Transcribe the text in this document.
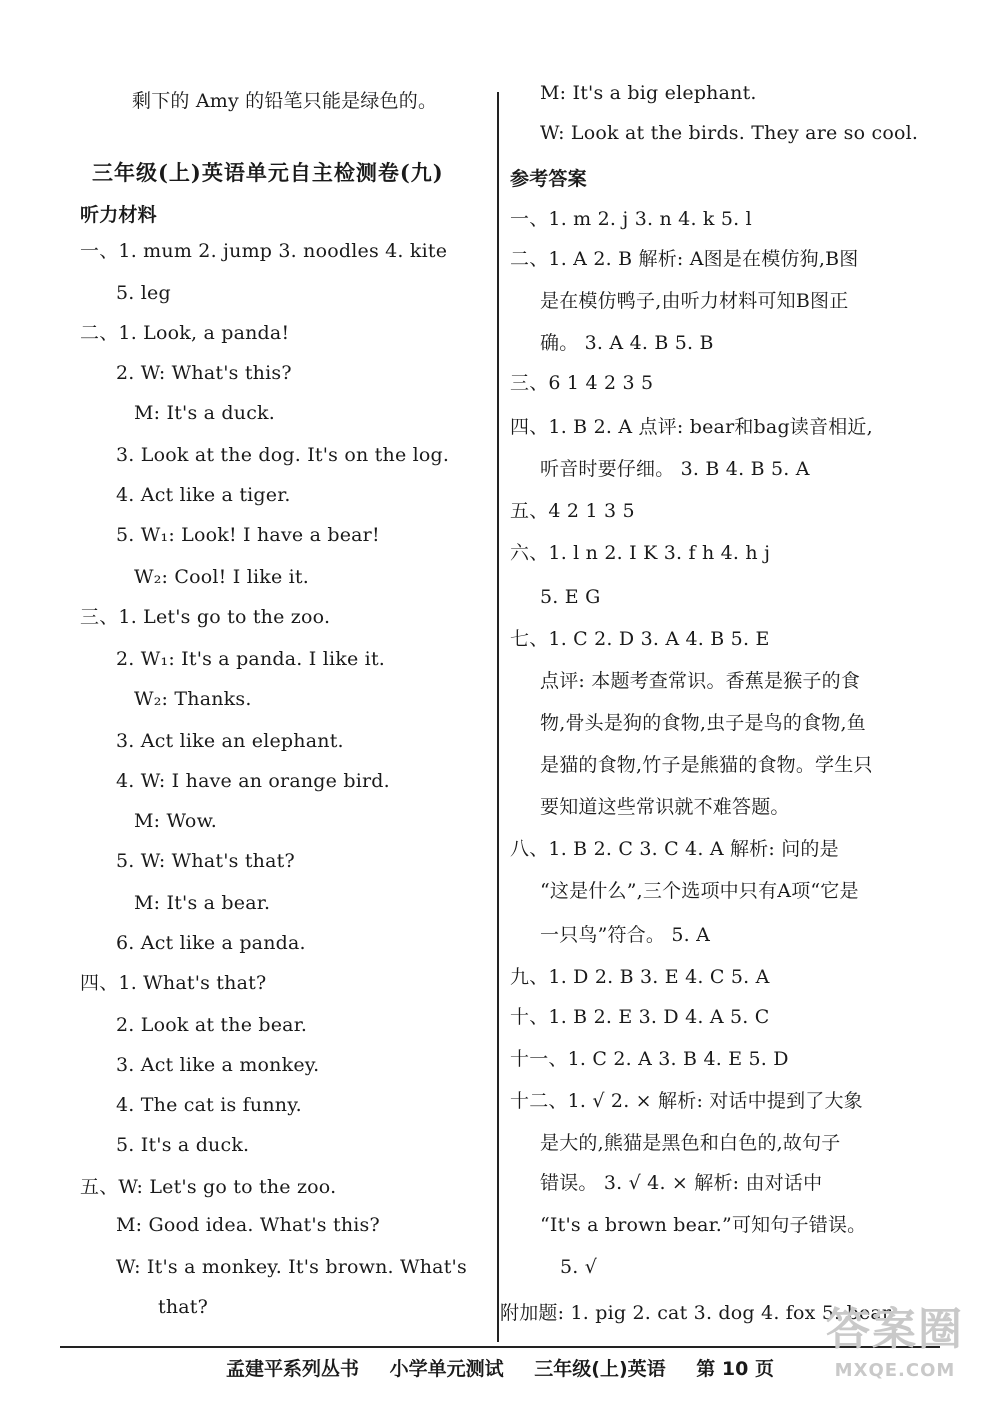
剩下的 Amy 的铅笔只能是绿色的。
三年级(上)英语单元自主检测卷(九)
听力材料
一、1. mum 2. jump 3. noodles 4. kite
5. leg
二、1. Look, a panda!
2. W: What's this?
M: It's a duck.
3. Look at the dog. It's on the log.
4. Act like a tiger.
5. W₁: Look! I have a bear!
W₂: Cool! I like it.
三、1. Let's go to the zoo.
2. W₁: It's a panda. I like it.
W₂: Thanks.
3. Act like an elephant.
4. W: I have an orange bird.
M: Wow.
5. W: What's that?
M: It's a bear.
6. Act like a panda.
四、1. What's that?
2. Look at the bear.
3. Act like a monkey.
4. The cat is funny.
5. It's a duck.
五、W: Let's go to the zoo.
M: Good idea. What's this?
W: It's a monkey. It's brown. What's
that?
M: It's a big elephant.
W: Look at the birds. They are so cool.
参考答案
一、1. m 2. j 3. n 4. k 5. l
二、1. A 2. B 解析: A图是在模仿狗,B图
是在模仿鸭子,由听力材料可知B图正
确。 3. A 4. B 5. B
三、6 1 4 2 3 5
四、1. B 2. A 点评: bear和bag读音相近,
听音时要仔细。 3. B 4. B 5. A
五、4 2 1 3 5
六、1. l n 2. I K 3. f h 4. h j
5. E G
七、1. C 2. D 3. A 4. B 5. E
点评: 本题考查常识。香蕉是猴子的食
物,骨头是狗的食物,虫子是鸟的食物,鱼
是猫的食物,竹子是熊猫的食物。学生只
要知道这些常识就不难答题。
八、1. B 2. C 3. C 4. A 解析: 问的是
“这是什么”,三个选项中只有A项“它是
一只鸟”符合。 5. A
九、1. D 2. B 3. E 4. C 5. A
十、1. B 2. E 3. D 4. A 5. C
十一、1. C 2. A 3. B 4. E 5. D
十二、1. √ 2. × 解析: 对话中提到了大象
是大的,熊猫是黑色和白色的,故句子
错误。 3. √ 4. × 解析: 由对话中
“It's a brown bear.”可知句子错误。
5. √
附加题: 1. pig 2. cat 3. dog 4. fox 5. bear
孟建平系列丛书 小学单元测试 三年级(上)英语 第 10 页
答案圈
MXQE.COM
